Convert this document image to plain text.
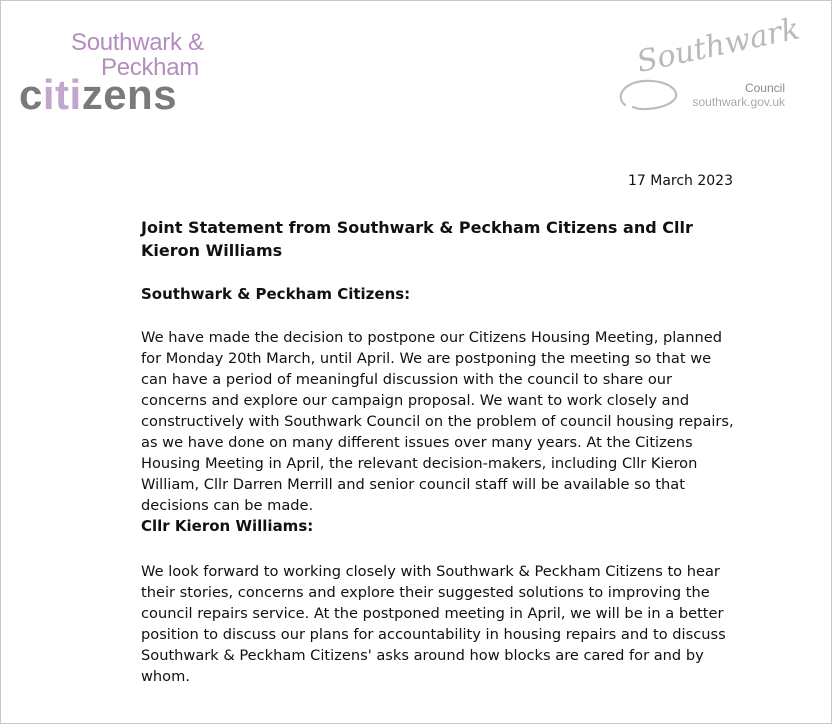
Southwark &
Peckham
citizens
Southwark
Council
southwark.gov.uk
17 March 2023
Joint Statement from Southwark & Peckham Citizens and Cllr Kieron Williams
Southwark & Peckham Citizens:

We have made the decision to postpone our Citizens Housing Meeting, planned for Monday 20th March, until April. We are postponing the meeting so that we can have a period of meaningful discussion with the council to share our concerns and explore our campaign proposal. We want to work closely and constructively with Southwark Council on the problem of council housing repairs, as we have done on many different issues over many years. At the Citizens Housing Meeting in April, the relevant decision-makers, including Cllr Kieron William, Cllr Darren Merrill and senior council staff will be available so that decisions can be made.

Cllr Kieron Williams:

We look forward to working closely with Southwark & Peckham Citizens to hear their stories, concerns and explore their suggested solutions to improving the council repairs service. At the postponed meeting in April, we will be in a better position to discuss our plans for accountability in housing repairs and to discuss Southwark & Peckham Citizens' asks around how blocks are cared for and by whom.
